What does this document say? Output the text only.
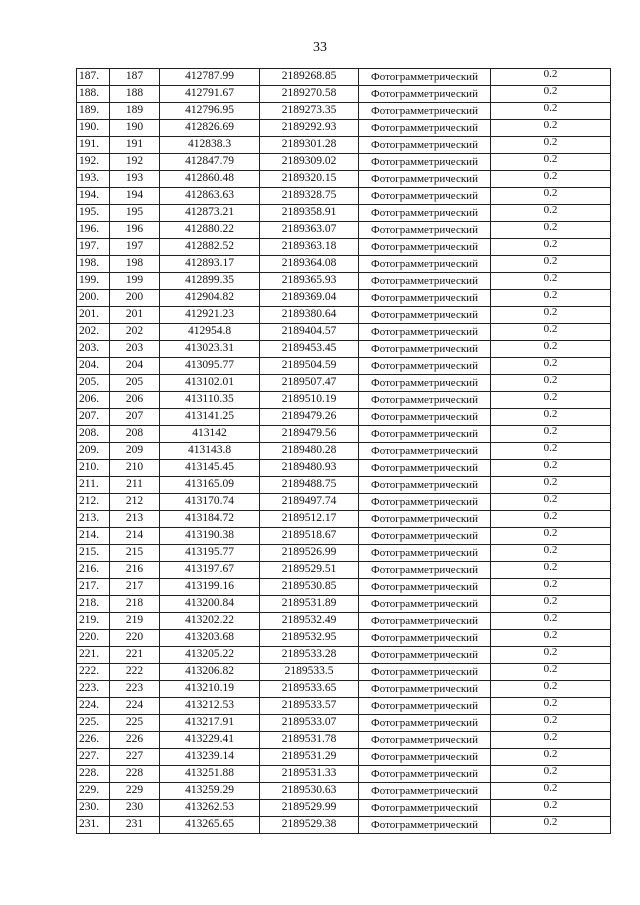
33
187.	187	412787.99	2189268.85	Фотограмметрический	0.2
188.	188	412791.67	2189270.58	Фотограмметрический	0.2
189.	189	412796.95	2189273.35	Фотограмметрический	0.2
190.	190	412826.69	2189292.93	Фотограмметрический	0.2
191.	191	412838.3	2189301.28	Фотограмметрический	0.2
192.	192	412847.79	2189309.02	Фотограмметрический	0.2
193.	193	412860.48	2189320.15	Фотограмметрический	0.2
194.	194	412863.63	2189328.75	Фотограмметрический	0.2
195.	195	412873.21	2189358.91	Фотограмметрический	0.2
196.	196	412880.22	2189363.07	Фотограмметрический	0.2
197.	197	412882.52	2189363.18	Фотограмметрический	0.2
198.	198	412893.17	2189364.08	Фотограмметрический	0.2
199.	199	412899.35	2189365.93	Фотограмметрический	0.2
200.	200	412904.82	2189369.04	Фотограмметрический	0.2
201.	201	412921.23	2189380.64	Фотограмметрический	0.2
202.	202	412954.8	2189404.57	Фотограмметрический	0.2
203.	203	413023.31	2189453.45	Фотограмметрический	0.2
204.	204	413095.77	2189504.59	Фотограмметрический	0.2
205.	205	413102.01	2189507.47	Фотограмметрический	0.2
206.	206	413110.35	2189510.19	Фотограмметрический	0.2
207.	207	413141.25	2189479.26	Фотограмметрический	0.2
208.	208	413142	2189479.56	Фотограмметрический	0.2
209.	209	413143.8	2189480.28	Фотограмметрический	0.2
210.	210	413145.45	2189480.93	Фотограмметрический	0.2
211.	211	413165.09	2189488.75	Фотограмметрический	0.2
212.	212	413170.74	2189497.74	Фотограмметрический	0.2
213.	213	413184.72	2189512.17	Фотограмметрический	0.2
214.	214	413190.38	2189518.67	Фотограмметрический	0.2
215.	215	413195.77	2189526.99	Фотограмметрический	0.2
216.	216	413197.67	2189529.51	Фотограмметрический	0.2
217.	217	413199.16	2189530.85	Фотограмметрический	0.2
218.	218	413200.84	2189531.89	Фотограмметрический	0.2
219.	219	413202.22	2189532.49	Фотограмметрический	0.2
220.	220	413203.68	2189532.95	Фотограмметрический	0.2
221.	221	413205.22	2189533.28	Фотограмметрический	0.2
222.	222	413206.82	2189533.5	Фотограмметрический	0.2
223.	223	413210.19	2189533.65	Фотограмметрический	0.2
224.	224	413212.53	2189533.57	Фотограмметрический	0.2
225.	225	413217.91	2189533.07	Фотограмметрический	0.2
226.	226	413229.41	2189531.78	Фотограмметрический	0.2
227.	227	413239.14	2189531.29	Фотограмметрический	0.2
228.	228	413251.88	2189531.33	Фотограмметрический	0.2
229.	229	413259.29	2189530.63	Фотограмметрический	0.2
230.	230	413262.53	2189529.99	Фотограмметрический	0.2
231.	231	413265.65	2189529.38	Фотограмметрический	0.2
